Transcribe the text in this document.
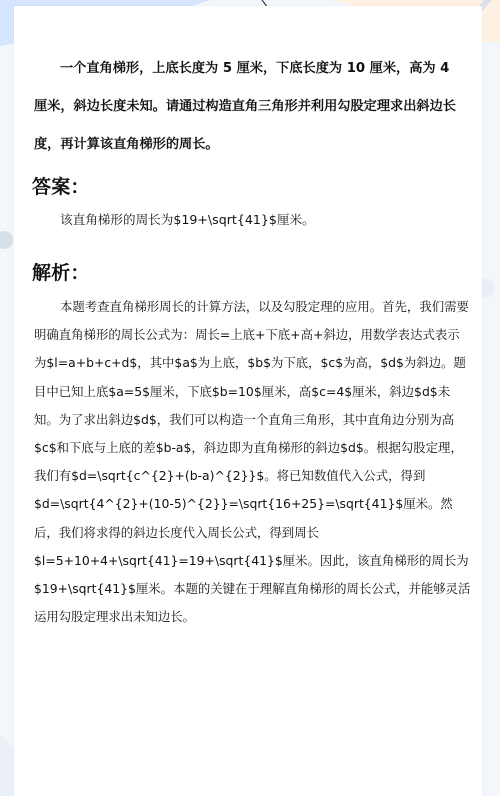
一个直角梯形，上底长度为 5 厘米，下底长度为 10 厘米，高为 4 厘米，斜边长度未知。请通过构造直角三角形并利用勾股定理求出斜边长度，再计算该直角梯形的周长。
答案：
该直角梯形的周长为$19+\sqrt{41}$厘米。
解析：
本题考查直角梯形周长的计算方法，以及勾股定理的应用。首先，我们需要明确直角梯形的周长公式为：周长=上底+下底+高+斜边，用数学表达式表示为$l=a+b+c+d$，其中$a$为上底，$b$为下底，$c$为高，$d$为斜边。题目中已知上底$a=5$厘米，下底$b=10$厘米，高$c=4$厘米，斜边$d$未知。为了求出斜边$d$，我们可以构造一个直角三角形，其中直角边分别为高$c$和下底与上底的差$b-a$，斜边即为直角梯形的斜边$d$。根据勾股定理，我们有$d=\sqrt{c^{2}+(b-a)^{2}}$。将已知数值代入公式，得到$d=\sqrt{4^{2}+(10-5)^{2}}=\sqrt{16+25}=\sqrt{41}$厘米。然后，我们将求得的斜边长度代入周长公式，得到周长$l=5+10+4+\sqrt{41}=19+\sqrt{41}$厘米。因此，该直角梯形的周长为$19+\sqrt{41}$厘米。本题的关键在于理解直角梯形的周长公式，并能够灵活运用勾股定理求出未知边长。
